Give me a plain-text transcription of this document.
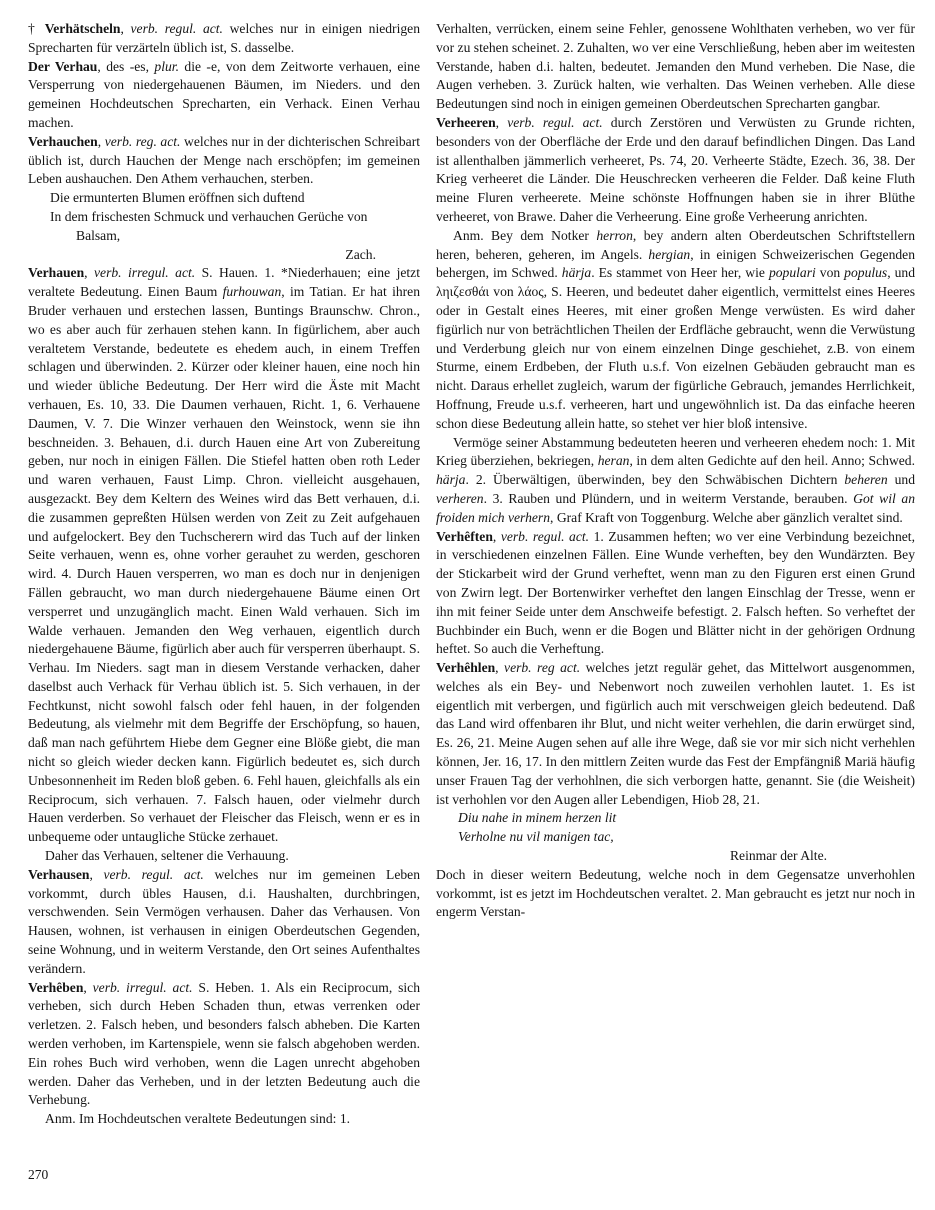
† Verhätscheln, verb. regul. act. welches nur in einigen niedrigen Sprecharten für verzärteln üblich ist, S. dasselbe.

Der Verhau, des -es, plur. die -e, von dem Zeitworte verhauen, eine Versperrung von niedergehauenen Bäumen, im Nieders. und den gemeinen Hochdeutschen Sprecharten, ein Verhack. Einen Verhau machen.

Verhauchen, verb. reg. act. welches nur in der dichterischen Schreibart üblich ist, durch Hauchen der Menge nach erschöpfen; im gemeinen Leben aushauchen. Den Athem verhauchen, sterben.

Die ermunterten Blumen eröffnen sich duftend

In dem frischesten Schmuck und verhauchen Gerüche von

Balsam,

Zach.

Verhauen, verb. irregul. act. S. Hauen. 1. *Niederhauen; eine jetzt veraltete Bedeutung. Einen Baum furhouwan, im Tatian. Er hat ihren Bruder verhauen und erstechen lassen, Buntings Braunschw. Chron., wo es aber auch für zerhauen stehen kann. In figürlichem, aber auch veraltetem Verstande, bedeutete es ehedem auch, in einem Treffen schlagen und überwinden. 2. Kürzer oder kleiner hauen, eine noch hin und wieder übliche Bedeutung. Der Herr wird die Äste mit Macht verhauen, Es. 10, 33. Die Daumen verhauen, Richt. 1, 6. Verhauene Daumen, V. 7. Die Winzer verhauen den Weinstock, wenn sie ihn beschneiden. 3. Behauen, d.i. durch Hauen eine Art von Zubereitung geben, nur noch in einigen Fällen. Die Stiefel hatten oben roth Leder und waren verhauen, Faust Limp. Chron. vielleicht ausgehauen, ausgezackt. Bey dem Keltern des Weines wird das Bett verhauen, d.i. die zusammen gepreßten Hülsen werden von Zeit zu Zeit aufgehauen und aufgelockert. Bey den Tuchscherern wird das Tuch auf der linken Seite verhauen, wenn es, ohne vorher gerauhet zu werden, geschoren wird. 4. Durch Hauen versperren, wo man es doch nur in denjenigen Fällen gebraucht, wo man durch niedergehauene Bäume einen Ort versperret und unzugänglich macht. Einen Wald verhauen. Sich im Walde verhauen. Jemanden den Weg verhauen, eigentlich durch niedergehauene Bäume, figürlich aber auch für versperren überhaupt. S. Verhau. Im Nieders. sagt man in diesem Verstande verhacken, daher daselbst auch Verhack für Verhau üblich ist. 5. Sich verhauen, in der Fechtkunst, nicht sowohl falsch oder fehl hauen, in der folgenden Bedeutung, als vielmehr mit dem Begriffe der Erschöpfung, so hauen, daß man nach geführtem Hiebe dem Gegner eine Blöße giebt, die man nicht so gleich wieder decken kann. Figürlich bedeutet es, sich durch Unbesonnenheit im Reden bloß geben. 6. Fehl hauen, gleichfalls als ein Reciprocum, sich verhauen. 7. Falsch hauen, oder vielmehr durch Hauen verderben. So verhauet der Fleischer das Fleisch, wenn er es in unbequeme oder untaugliche Stücke zerhauet.

Daher das Verhauen, seltener die Verhauung.

Verhausen, verb. regul. act. welches nur im gemeinen Leben vorkommt, durch übles Hausen, d.i. Haushalten, durchbringen, verschwenden. Sein Vermögen verhausen. Daher das Verhausen. Von Hausen, wohnen, ist verhausen in einigen Oberdeutschen Gegenden, seine Wohnung, und in weiterm Verstande, den Ort seines Aufenthaltes verändern.

Verhêben, verb. irregul. act. S. Heben. 1. Als ein Reciprocum, sich verheben, sich durch Heben Schaden thun, etwas verrenken oder verletzen. 2. Falsch heben, und besonders falsch abheben. Die Karten werden verhoben, im Kartenspiele, wenn sie falsch abgehoben werden. Ein rohes Buch wird verhoben, wenn die Lagen unrecht abgehoben werden. Daher das Verheben, und in der letzten Bedeutung auch die Verhebung.

Anm. Im Hochdeutschen veraltete Bedeutungen sind: 1.

Verhalten, verrücken, einem seine Fehler, genossene Wohlthaten verheben, wo ver für vor zu stehen scheinet. 2. Zuhalten, wo ver eine Verschließung, heben aber im weitesten Verstande, haben d.i. halten, bedeutet. Jemanden den Mund verheben. Die Nase, die Augen verheben. 3. Zurück halten, wie verhalten. Das Weinen verheben. Alle diese Bedeutungen sind noch in einigen gemeinen Oberdeutschen Sprecharten gangbar.

Verheeren, verb. regul. act. durch Zerstören und Verwüsten zu Grunde richten, besonders von der Oberfläche der Erde und den darauf befindlichen Dingen. Das Land ist allenthalben jämmerlich verheeret, Ps. 74, 20. Verheerte Städte, Ezech. 36, 38. Der Krieg verheeret die Länder. Die Heuschrecken verheeren die Felder. Daß keine Fluth meine Fluren verheerete. Meine schönste Hoffnungen haben sie in ihrer Blüthe verheeret, von Brawe. Daher die Verheerung. Eine große Verheerung anrichten.

Anm. Bey dem Notker herron, bey andern alten Oberdeutschen Schriftstellern heren, beheren, geheren, im Angels. hergian, in einigen Schweizerischen Gegenden behergen, im Schwed. härja. Es stammet von Heer her, wie populari von populus, und ληιζεσθάι von λάος, S. Heeren, und bedeutet daher eigentlich, vermittelst eines Heeres oder in Gestalt eines Heeres, mit einer großen Menge verwüsten. Es wird daher figürlich nur von beträchtlichen Theilen der Erdfläche gebraucht, wenn die Verwüstung und Verderbung gleich nur von einem einzelnen Dinge geschiehet, z.B. von einem Sturme, einem Erdbeben, der Fluth u.s.f. Von eizelnen Gebäuden gebraucht man es nicht. Daraus erhellet zugleich, warum der figürliche Gebrauch, jemandes Herrlichkeit, Hoffnung, Freude u.s.f. verheeren, hart und ungewöhnlich ist. Da das einfache heeren schon diese Bedeutung allein hatte, so stehet ver hier bloß intensive.

Vermöge seiner Abstammung bedeuteten heeren und verheeren ehedem noch: 1. Mit Krieg überziehen, bekriegen, heran, in dem alten Gedichte auf den heil. Anno; Schwed. härja. 2. Überwältigen, überwinden, bey den Schwäbischen Dichtern beheren und verheren. 3. Rauben und Plündern, und in weiterm Verstande, berauben. Got wil an froiden mich verhern, Graf Kraft von Toggenburg. Welche aber gänzlich veraltet sind.

Verhêften, verb. regul. act. 1. Zusammen heften; wo ver eine Verbindung bezeichnet, in verschiedenen einzelnen Fällen. Eine Wunde verheften, bey den Wundärzten. Bey der Stickarbeit wird der Grund verheftet, wenn man zu den Figuren erst einen Grund von Zwirn legt. Der Bortenwirker verheftet den langen Einschlag der Tresse, wenn er ihn mit feiner Seide unter dem Anschweife befestigt. 2. Falsch heften. So verheftet der Buchbinder ein Buch, wenn er die Bogen und Blätter nicht in der gehörigen Ordnung heftet. So auch die Verheftung.

Verhêhlen, verb. reg act. welches jetzt regulär gehet, das Mittelwort ausgenommen, welches als ein Bey- und Nebenwort noch zuweilen verhohlen lautet. 1. Es ist eigentlich mit verbergen, und figürlich auch mit verschweigen gleich bedeutend. Daß das Land wird offenbaren ihr Blut, und nicht weiter verhehlen, die darin erwürget sind, Es. 26, 21. Meine Augen sehen auf alle ihre Wege, daß sie vor mir sich nicht verhehlen können, Jer. 16, 17. In den mittlern Zeiten wurde das Fest der Empfängniß Mariä häufig unser Frauen Tag der verhohlnen, die sich verborgen hatte, genannt. Sie (die Weisheit) ist verhohlen vor den Augen aller Lebendigen, Hiob 28, 21.

Diu nahe in minem herzen lit

Verholne nu vil manigen tac,

Reinmar der Alte.

Doch in dieser weitern Bedeutung, welche noch in dem Gegensatze unverhohlen vorkommt, ist es jetzt im Hochdeutschen veraltet. 2. Man gebraucht es jetzt nur noch in engerm Verstan-

270
